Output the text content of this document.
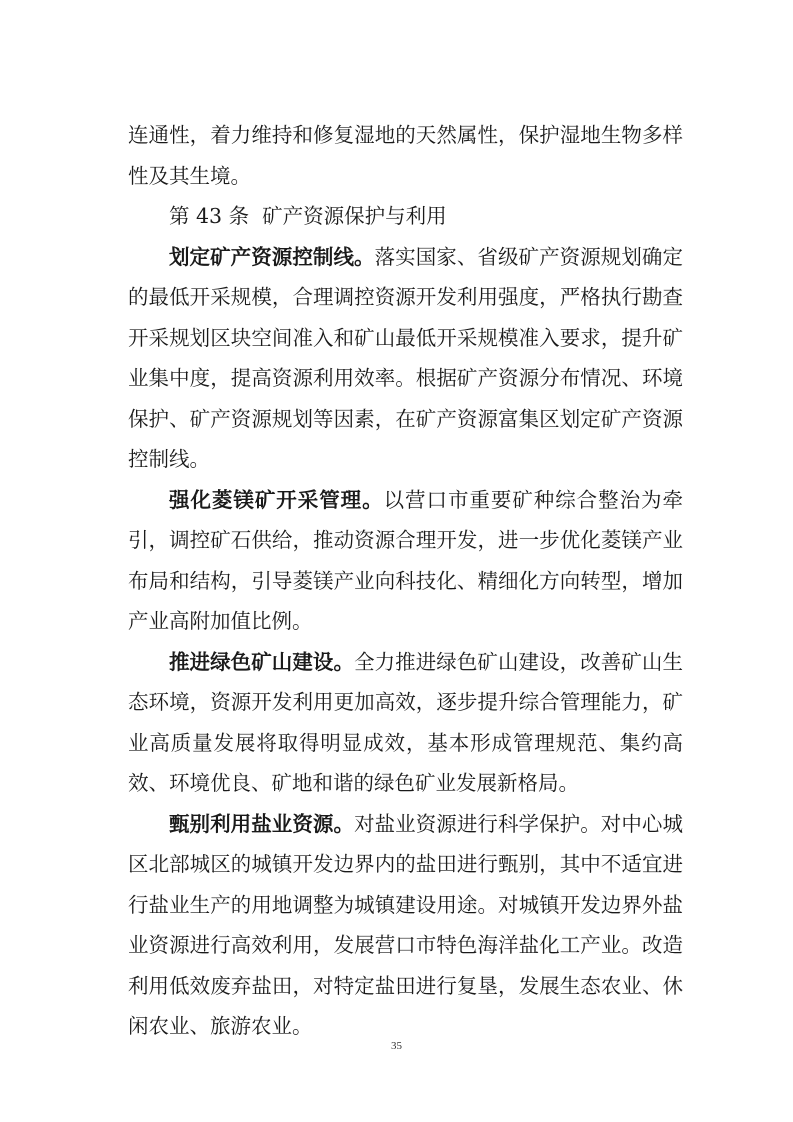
连通性，着力维持和修复湿地的天然属性，保护湿地生物多样性及其生境。

第 43 条 矿产资源保护与利用

划定矿产资源控制线。落实国家、省级矿产资源规划确定的最低开采规模，合理调控资源开发利用强度，严格执行勘查开采规划区块空间准入和矿山最低开采规模准入要求，提升矿业集中度，提高资源利用效率。根据矿产资源分布情况、环境保护、矿产资源规划等因素，在矿产资源富集区划定矿产资源控制线。

强化菱镁矿开采管理。以营口市重要矿种综合整治为牵引，调控矿石供给，推动资源合理开发，进一步优化菱镁产业布局和结构，引导菱镁产业向科技化、精细化方向转型，增加产业高附加值比例。

推进绿色矿山建设。全力推进绿色矿山建设，改善矿山生态环境，资源开发利用更加高效，逐步提升综合管理能力，矿业高质量发展将取得明显成效，基本形成管理规范、集约高效、环境优良、矿地和谐的绿色矿业发展新格局。

甄别利用盐业资源。对盐业资源进行科学保护。对中心城区北部城区的城镇开发边界内的盐田进行甄别，其中不适宜进行盐业生产的用地调整为城镇建设用途。对城镇开发边界外盐业资源进行高效利用，发展营口市特色海洋盐化工产业。改造利用低效废弃盐田，对特定盐田进行复垦，发展生态农业、休闲农业、旅游农业。

35
